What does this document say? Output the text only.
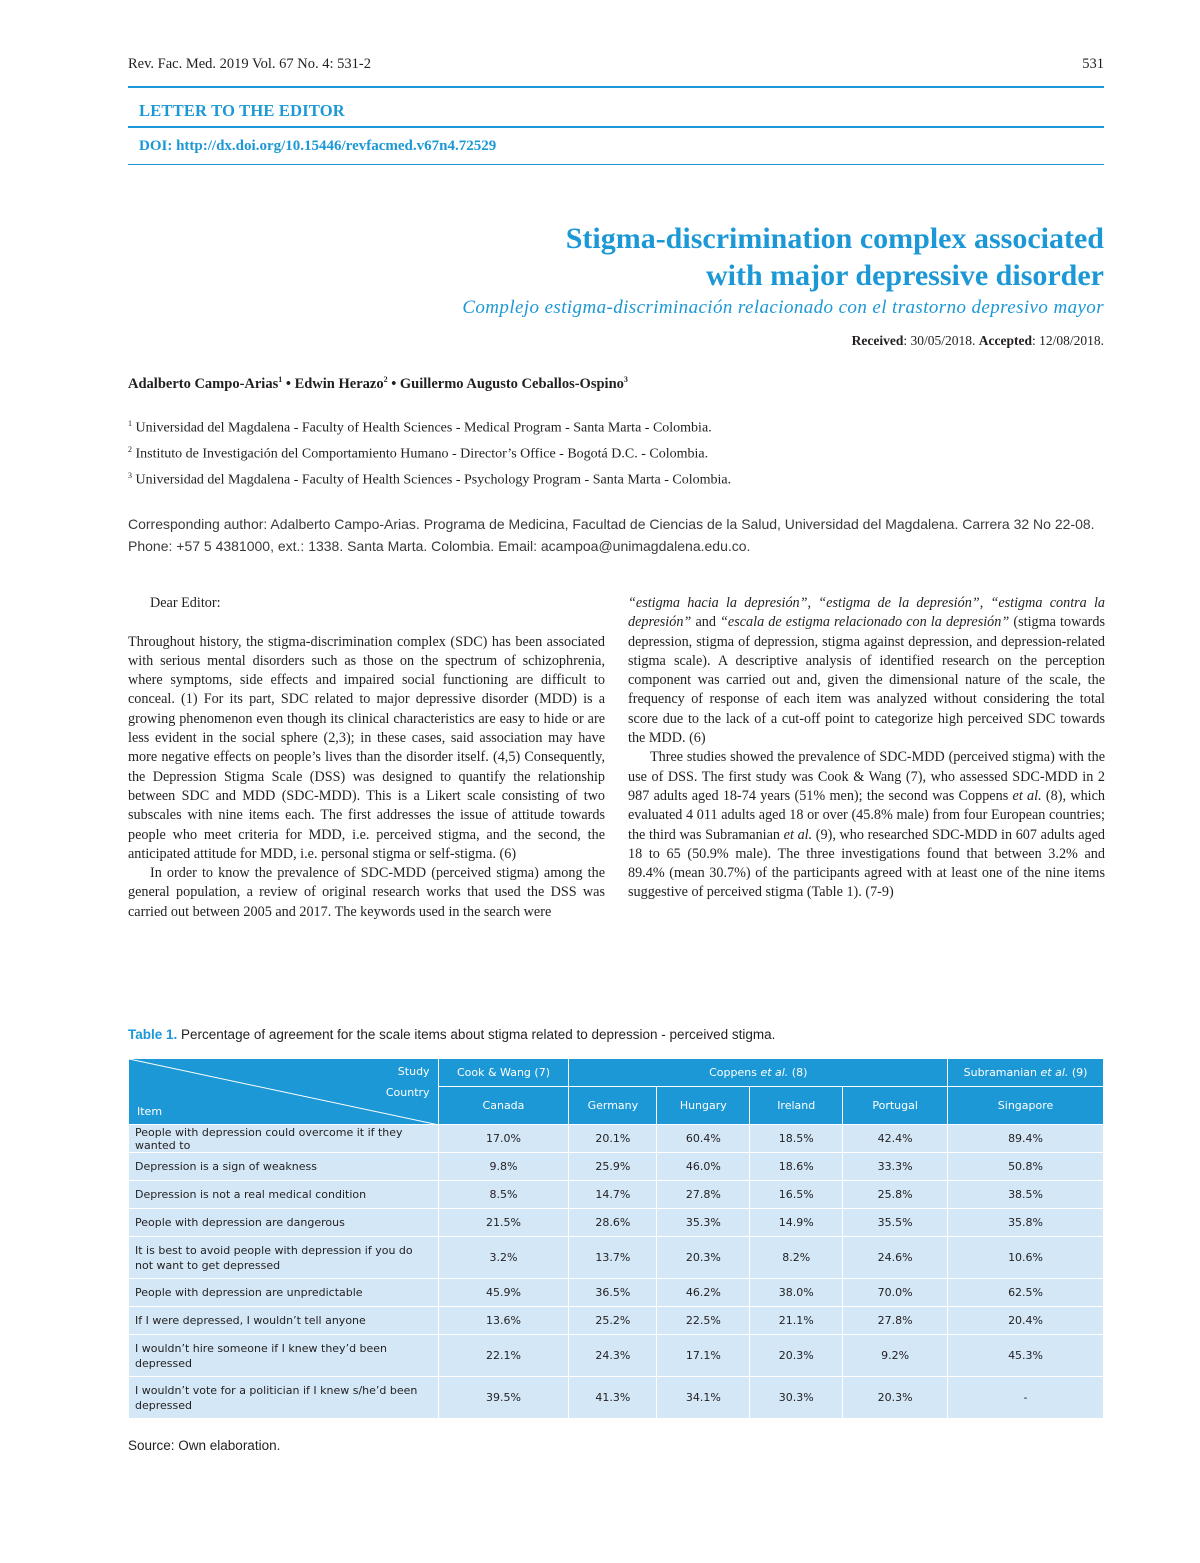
Rev. Fac. Med. 2019 Vol. 67 No. 4: 531-2	531
LETTER TO THE EDITOR
DOI: http://dx.doi.org/10.15446/revfacmed.v67n4.72529
Stigma-discrimination complex associated
with major depressive disorder
Complejo estigma-discriminación relacionado con el trastorno depresivo mayor
Received: 30/05/2018. Accepted: 12/08/2018.
Adalberto Campo-Arias$^1$ • Edwin Herazo$^2$ • Guillermo Augusto Ceballos-Ospino$^3$
$^1$ Universidad del Magdalena - Faculty of Health Sciences - Medical Program - Santa Marta - Colombia.
$^2$ Instituto de Investigación del Comportamiento Humano - Director’s Office - Bogotá D.C. - Colombia.
$^3$ Universidad del Magdalena - Faculty of Health Sciences - Psychology Program - Santa Marta - Colombia.
Corresponding author: Adalberto Campo-Arias. Programa de Medicina, Facultad de Ciencias de la Salud, Universidad del Magdalena. Carrera 32 No 22-08. Phone: +57 5 4381000, ext.: 1338. Santa Marta. Colombia. Email: acampoa@unimagdalena.edu.co.

Dear Editor:

Throughout history, the stigma-discrimination complex (SDC) has been associated with serious mental disorders such as those on the spectrum of schizophrenia, where symptoms, side effects and impaired social functioning are difficult to conceal. (1) For its part, SDC related to major depressive disorder (MDD) is a growing phenomenon even though its clinical characteristics are easy to hide or are less evident in the social sphere (2,3); in these cases, said association may have more negative effects on people’s lives than the disorder itself. (4,5) Consequently, the Depression Stigma Scale (DSS) was designed to quantify the relationship between SDC and MDD (SDC-MDD). This is a Likert scale consisting of two subscales with nine items each. The first addresses the issue of attitude towards people who meet criteria for MDD, i.e. perceived stigma, and the second, the anticipated attitude for MDD, i.e. personal stigma or self-stigma. (6)

In order to know the prevalence of SDC-MDD (perceived stigma) among the general population, a review of original research works that used the DSS was carried out between 2005 and 2017. The keywords used in the search were

“estigma hacia la depresión”, “estigma de la depresión”, “estigma contra la depresión” and “escala de estigma relacionado con la depresión” (stigma towards depression, stigma of depression, stigma against depression, and depression-related stigma scale). A descriptive analysis of identified research on the perception component was carried out and, given the dimensional nature of the scale, the frequency of response of each item was analyzed without considering the total score due to the lack of a cut-off point to categorize high perceived SDC towards the MDD. (6)

Three studies showed the prevalence of SDC-MDD (perceived stigma) with the use of DSS. The first study was Cook & Wang (7), who assessed SDC-MDD in 2 987 adults aged 18-74 years (51% men); the second was Coppens et al. (8), which evaluated 4 011 adults aged 18 or over (45.8% male) from four European countries; the third was Subramanian et al. (9), who researched SDC-MDD in 607 adults aged 18 to 65 (50.9% male). The three investigations found that between 3.2% and 89.4% (mean 30.7%) of the participants agreed with at least one of the nine items suggestive of perceived stigma (Table 1). (7-9)

Table 1. Percentage of agreement for the scale items about stigma related to depression - perceived stigma.
Study
Country
Item	Cook & Wang (7)	Coppens et al. (8)				Subramanian et al. (9)
	Canada	Germany	Hungary	Ireland	Portugal	Singapore
People with depression could overcome it if they wanted to	17.0%	20.1%	60.4%	18.5%	42.4%	89.4%
Depression is a sign of weakness	9.8%	25.9%	46.0%	18.6%	33.3%	50.8%
Depression is not a real medical condition	8.5%	14.7%	27.8%	16.5%	25.8%	38.5%
People with depression are dangerous	21.5%	28.6%	35.3%	14.9%	35.5%	35.8%
It is best to avoid people with depression if you do not want to get depressed	3.2%	13.7%	20.3%	8.2%	24.6%	10.6%
People with depression are unpredictable	45.9%	36.5%	46.2%	38.0%	70.0%	62.5%
If I were depressed, I wouldn’t tell anyone	13.6%	25.2%	22.5%	21.1%	27.8%	20.4%
I wouldn’t hire someone if I knew they’d been depressed	22.1%	24.3%	17.1%	20.3%	9.2%	45.3%
I wouldn’t vote for a politician if I knew s/he’d been depressed	39.5%	41.3%	34.1%	30.3%	20.3%	-
Source: Own elaboration.
